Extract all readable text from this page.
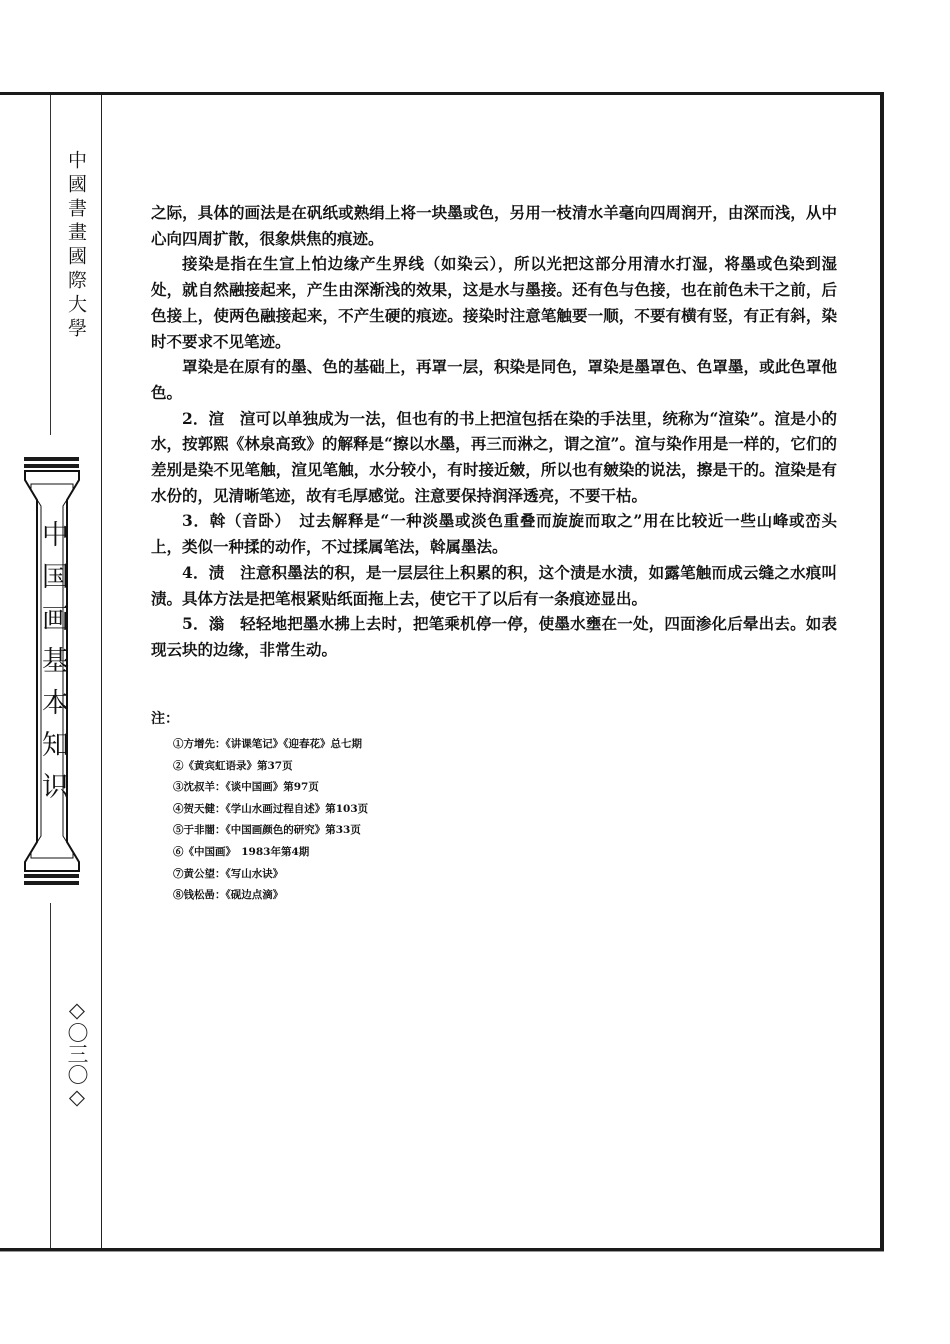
中國書畫國際大學
中国画基本知识
◇〇三〇◇

之际，具体的画法是在矾纸或熟绢上将一块墨或色，另用一枝清水羊毫向四周润开，由深而浅，从中心向四周扩散，很象烘焦的痕迹。

接染是指在生宣上怕边缘产生界线（如染云），所以光把这部分用清水打湿，将墨或色染到湿处，就自然融接起来，产生由深渐浅的效果，这是水与墨接。还有色与色接，也在前色未干之前，后色接上，使两色融接起来，不产生硬的痕迹。接染时注意笔触要一顺，不要有横有竖，有正有斜，染时不要求不见笔迹。

罩染是在原有的墨、色的基础上，再罩一层，积染是同色，罩染是墨罩色、色罩墨，或此色罩他色。

2．渲　渲可以单独成为一法，但也有的书上把渲包括在染的手法里，统称为“渲染”。渲是小的水，按郭熙《林泉高致》的解释是“擦以水墨，再三而淋之，谓之渲”。渲与染作用是一样的，它们的差别是染不见笔触，渲见笔触，水分较小，有时接近皴，所以也有皴染的说法，擦是干的。渲染是有水份的，见清晰笔迹，故有毛厚感觉。注意要保持润泽透亮，不要干枯。

3．斡（音卧）　过去解释是“一种淡墨或淡色重叠而旋旋而取之”用在比较近一些山峰或峦头上，类似一种揉的动作，不过揉属笔法，斡属墨法。

4．渍　注意积墨法的积，是一层层往上积累的积，这个渍是水渍，如露笔触而成云缝之水痕叫渍。具体方法是把笔根紧贴纸面拖上去，使它干了以后有一条痕迹显出。

5．滃　轻轻地把墨水拂上去时，把笔乘机停一停，使墨水壅在一处，四面渗化后晕出去。如表现云块的边缘，非常生动。

注：
①方增先：《讲课笔记》《迎春花》总七期
②《黄宾虹语录》第37页
③沈叔羊：《谈中国画》第97页
④贺天健：《学山水画过程自述》第103页
⑤于非闇：《中国画颜色的研究》第33页
⑥《中国画》　1983年第4期
⑦黄公望：《写山水诀》
⑧钱松喦：《砚边点滴》
